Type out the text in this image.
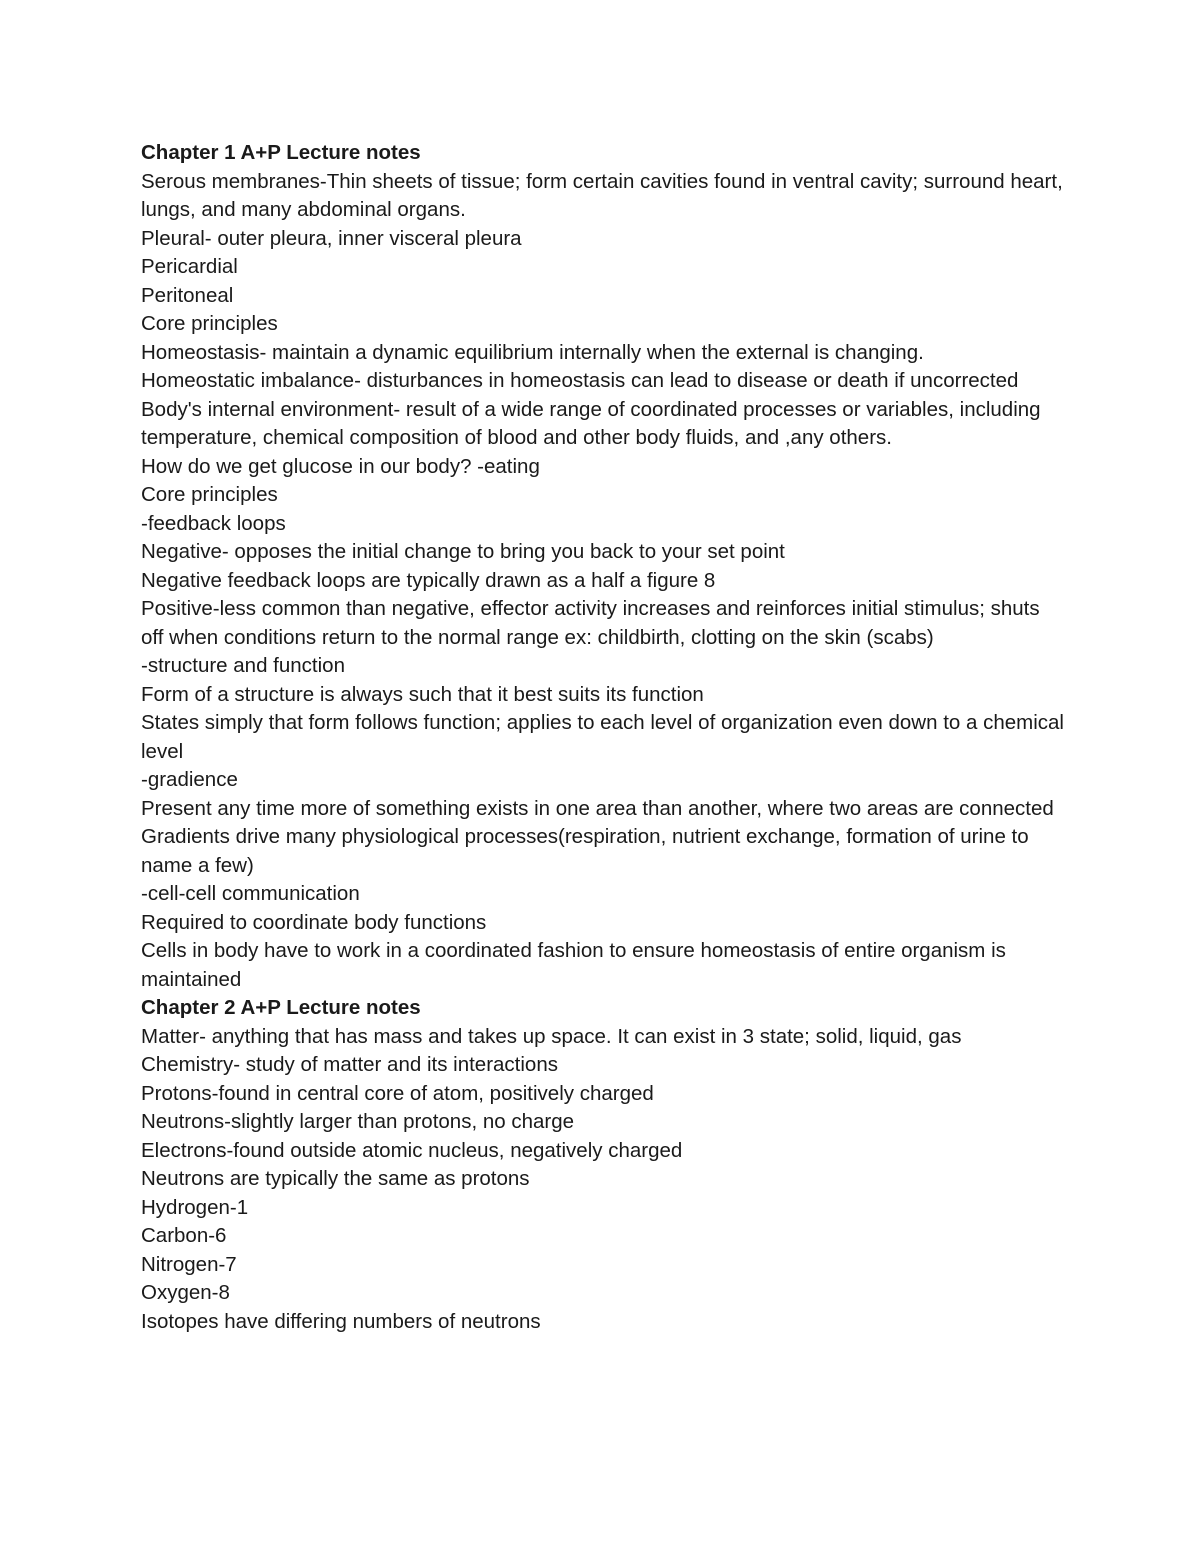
Chapter 1 A+P Lecture notes

Serous membranes-Thin sheets of tissue; form certain cavities found in ventral cavity; surround heart, lungs, and many abdominal organs.

Pleural- outer pleura, inner visceral pleura

Pericardial

Peritoneal

Core principles

Homeostasis- maintain a dynamic equilibrium internally when the external is changing.

Homeostatic imbalance- disturbances in homeostasis can lead to disease or death if uncorrected

Body's internal environment- result of a wide range of coordinated processes or variables, including temperature, chemical composition of blood and other body fluids, and ,any others.

How do we get glucose in our body? -eating

Core principles

-feedback loops

Negative- opposes the initial change to bring you back to your set point

Negative feedback loops are typically drawn as a half a figure 8

Positive-less common than negative, effector activity increases and reinforces initial stimulus; shuts off when conditions return to the normal range ex: childbirth, clotting on the skin (scabs)

-structure and function

Form of a structure is always such that it best suits its function

States simply that form follows function; applies to each level of organization even down to a chemical level

-gradience

Present any time more of something exists in one area than another, where two areas are connected

Gradients drive many physiological processes(respiration, nutrient exchange, formation of urine to name a few)

-cell-cell communication

Required to coordinate body functions

Cells in body have to work in a coordinated fashion to ensure homeostasis of entire organism is maintained

Chapter 2 A+P Lecture notes

Matter- anything that has mass and takes up space. It can exist in 3 state; solid, liquid, gas

Chemistry- study of matter and its interactions

Protons-found in central core of atom, positively charged

Neutrons-slightly larger than protons, no charge

Electrons-found outside atomic nucleus, negatively charged

Neutrons are typically the same as protons

Hydrogen-1

Carbon-6

Nitrogen-7

Oxygen-8

Isotopes have differing numbers of neutrons
